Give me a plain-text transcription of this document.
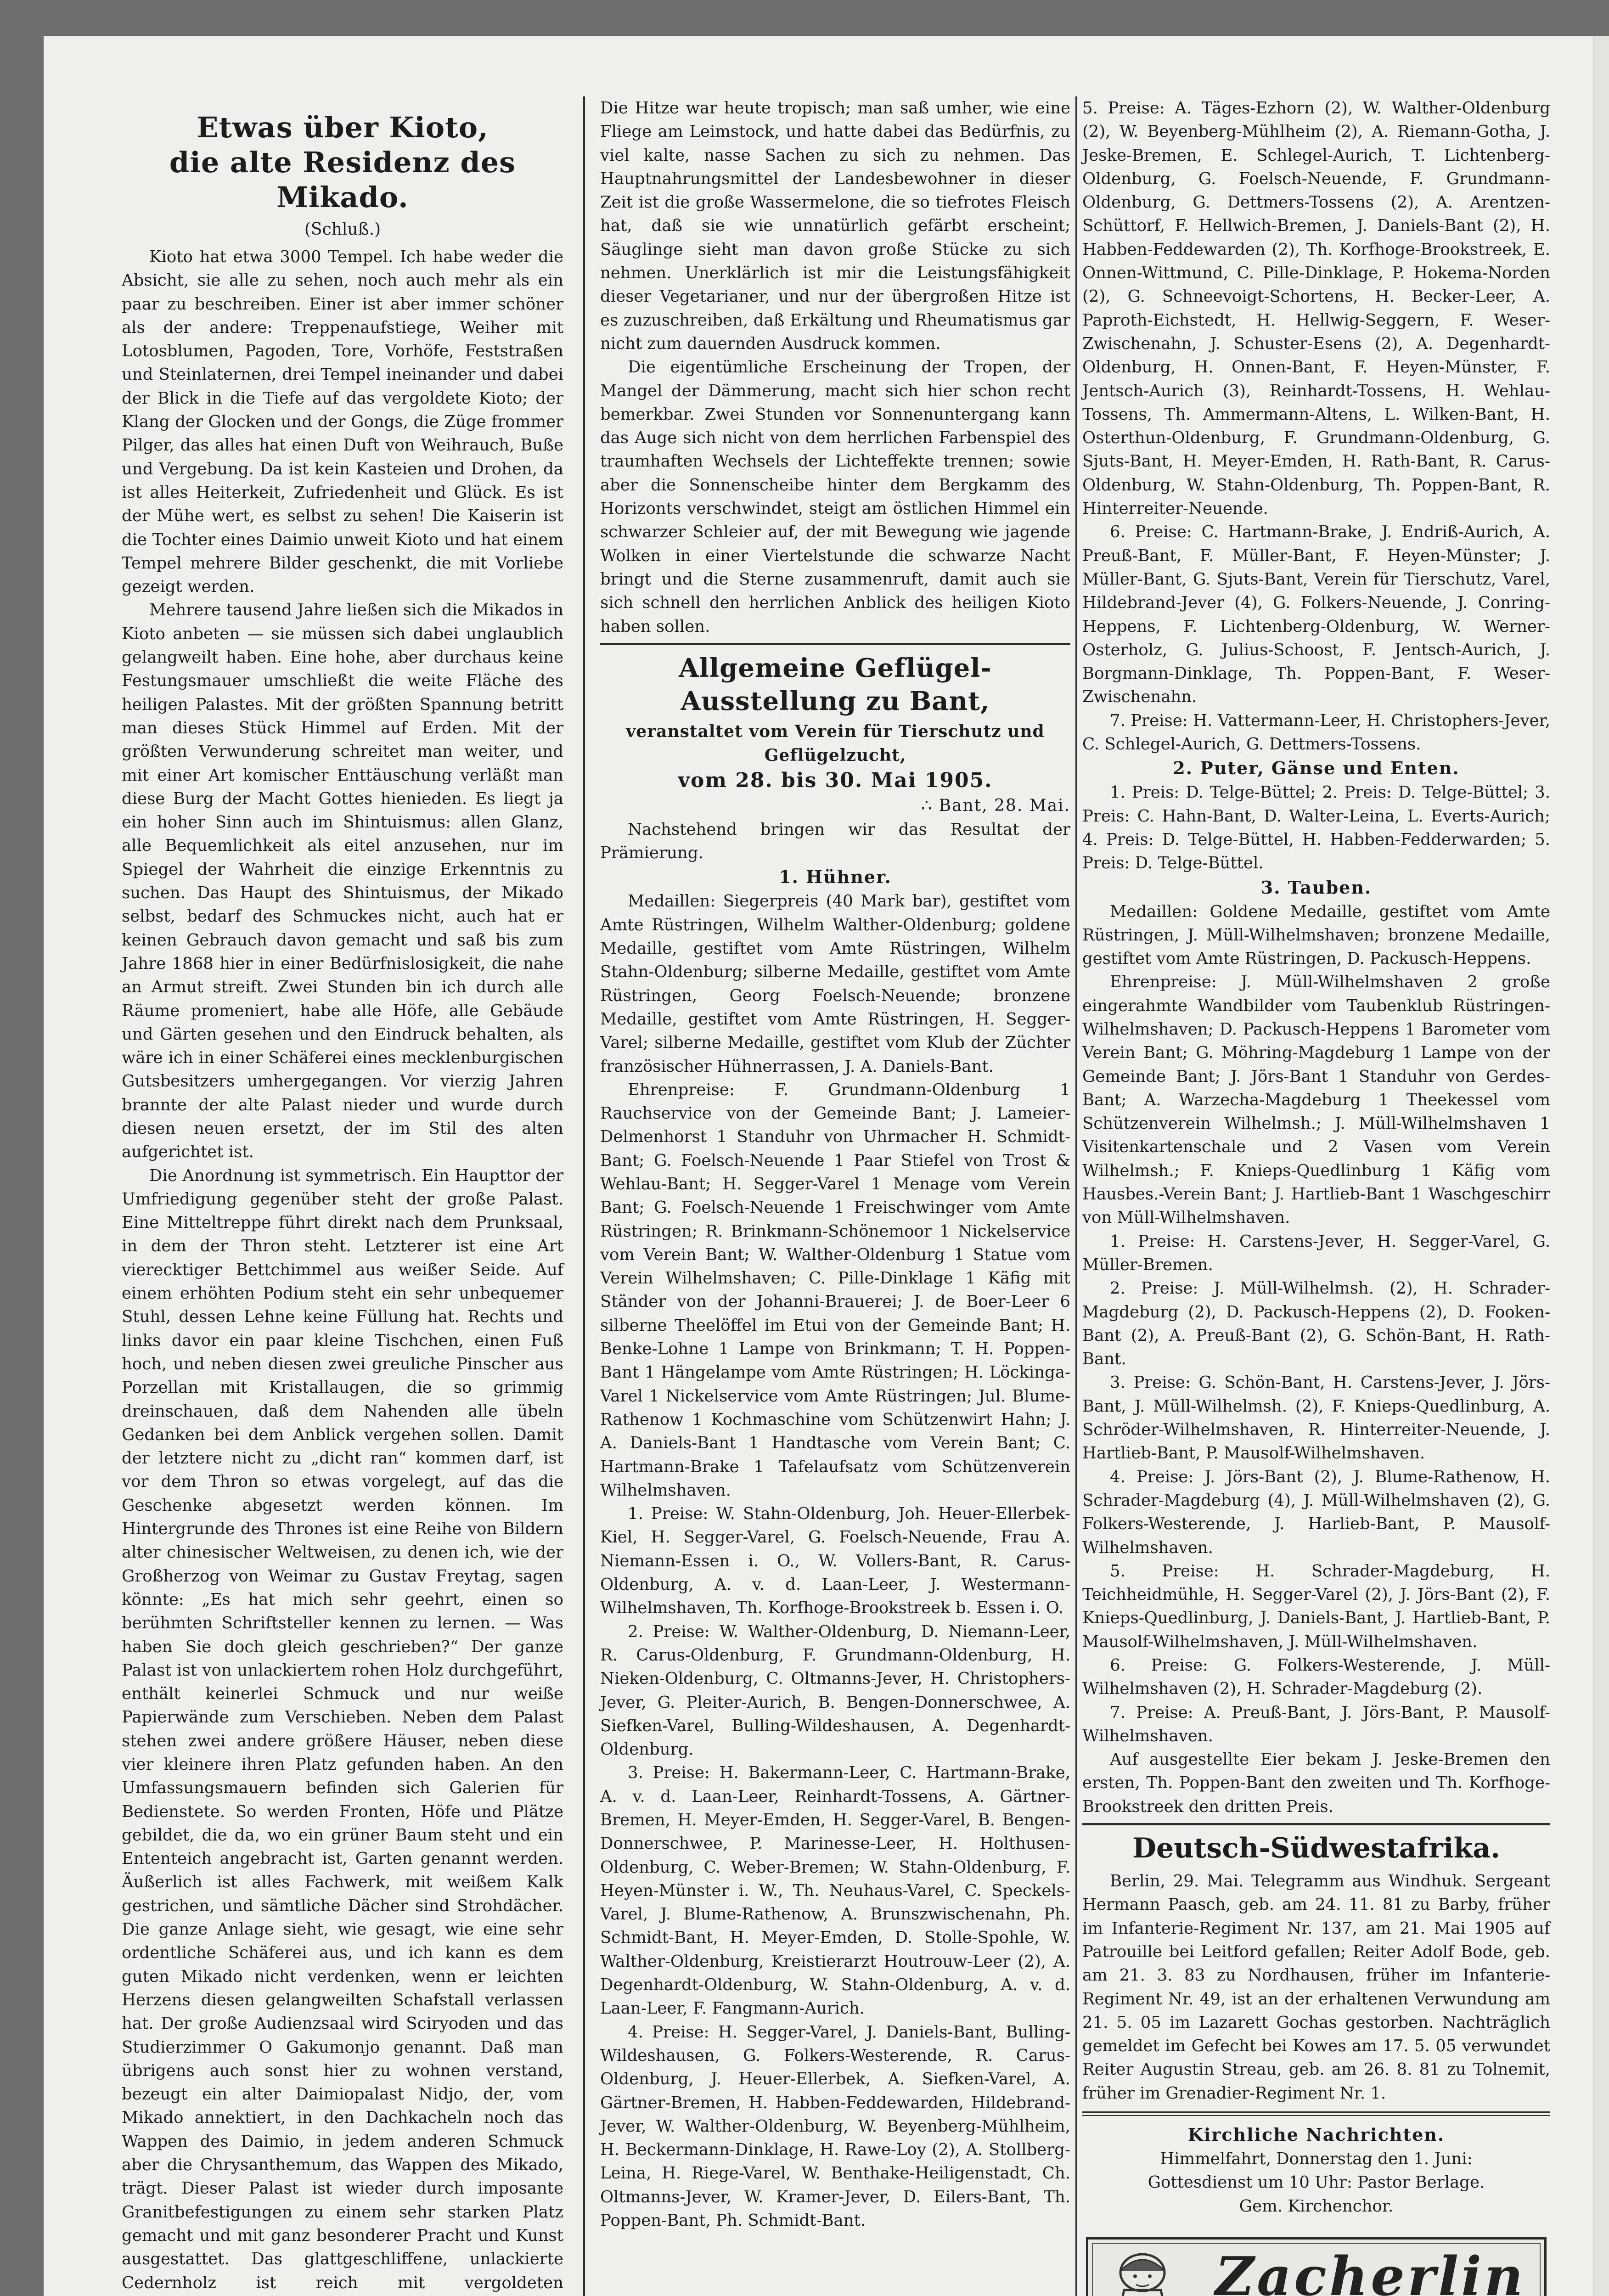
Etwas über Kioto,
die alte Residenz des Mikado.
(Schluß.)

Kioto hat etwa 3000 Tempel. Ich habe weder die Absicht, sie alle zu sehen, noch auch mehr als ein paar zu beschreiben. Einer ist aber immer schöner als der andere: Treppenaufstiege, Weiher mit Lotosblumen, Pagoden, Tore, Vorhöfe, Feststraßen und Steinlaternen, drei Tempel ineinander und dabei der Blick in die Tiefe auf das vergoldete Kioto; der Klang der Glocken und der Gongs, die Züge frommer Pilger, das alles hat einen Duft von Weihrauch, Buße und Vergebung. Da ist kein Kasteien und Drohen, da ist alles Heiterkeit, Zufriedenheit und Glück. Es ist der Mühe wert, es selbst zu sehen! Die Kaiserin ist die Tochter eines Daimio unweit Kioto und hat einem Tempel mehrere Bilder geschenkt, die mit Vorliebe gezeigt werden.

Mehrere tausend Jahre ließen sich die Mikados in Kioto anbeten — sie müssen sich dabei unglaublich gelangweilt haben. Eine hohe, aber durchaus keine Festungsmauer umschließt die weite Fläche des heiligen Palastes. Mit der größten Spannung betritt man dieses Stück Himmel auf Erden. Mit der größten Verwunderung schreitet man weiter, und mit einer Art komischer Enttäuschung verläßt man diese Burg der Macht Gottes hienieden. Es liegt ja ein hoher Sinn auch im Shintuismus: allen Glanz, alle Bequemlichkeit als eitel anzusehen, nur im Spiegel der Wahrheit die einzige Erkenntnis zu suchen. Das Haupt des Shintuismus, der Mikado selbst, bedarf des Schmuckes nicht, auch hat er keinen Gebrauch davon gemacht und saß bis zum Jahre 1868 hier in einer Bedürfnislosigkeit, die nahe an Armut streift. Zwei Stunden bin ich durch alle Räume promeniert, habe alle Höfe, alle Gebäude und Gärten gesehen und den Eindruck behalten, als wäre ich in einer Schäferei eines mecklenburgischen Gutsbesitzers umhergegangen. Vor vierzig Jahren brannte der alte Palast nieder und wurde durch diesen neuen ersetzt, der im Stil des alten aufgerichtet ist.

Die Anordnung ist symmetrisch. Ein Haupttor der Umfriedigung gegenüber steht der große Palast. Eine Mitteltreppe führt direkt nach dem Prunksaal, in dem der Thron steht. Letzterer ist eine Art vierecktiger Bettchimmel aus weißer Seide. Auf einem erhöhten Podium steht ein sehr unbequemer Stuhl, dessen Lehne keine Füllung hat. Rechts und links davor ein paar kleine Tischchen, einen Fuß hoch, und neben diesen zwei greuliche Pinscher aus Porzellan mit Kristallaugen, die so grimmig dreinschauen, daß dem Nahenden alle übeln Gedanken bei dem Anblick vergehen sollen. Damit der letztere nicht zu „dicht ran“ kommen darf, ist vor dem Thron so etwas vorgelegt, auf das die Geschenke abgesetzt werden können. Im Hintergrunde des Thrones ist eine Reihe von Bildern alter chinesischer Weltweisen, zu denen ich, wie der Großherzog von Weimar zu Gustav Freytag, sagen könnte: „Es hat mich sehr geehrt, einen so berühmten Schriftsteller kennen zu lernen. — Was haben Sie doch gleich geschrieben?“ Der ganze Palast ist von unlackiertem rohen Holz durchgeführt, enthält keinerlei Schmuck und nur weiße Papierwände zum Verschieben. Neben dem Palast stehen zwei andere größere Häuser, neben diese vier kleinere ihren Platz gefunden haben. An den Umfassungsmauern befinden sich Galerien für Bedienstete. So werden Fronten, Höfe und Plätze gebildet, die da, wo ein grüner Baum steht und ein Ententeich angebracht ist, Garten genannt werden. Äußerlich ist alles Fachwerk, mit weißem Kalk gestrichen, und sämtliche Dächer sind Strohdächer. Die ganze Anlage sieht, wie gesagt, wie eine sehr ordentliche Schäferei aus, und ich kann es dem guten Mikado nicht verdenken, wenn er leichten Herzens diesen gelangweilten Schafstall verlassen hat. Der große Audienzsaal wird Sciryoden und das Studierzimmer O Gakumonjo genannt. Daß man übrigens auch sonst hier zu wohnen verstand, bezeugt ein alter Daimiopalast Nidjo, der, vom Mikado annektiert, in den Dachkacheln noch das Wappen des Daimio, in jedem anderen Schmuck aber die Chrysanthemum, das Wappen des Mikado, trägt. Dieser Palast ist wieder durch imposante Granitbefestigungen zu einem sehr starken Platz gemacht und mit ganz besonderer Pracht und Kunst ausgestattet. Das glattgeschliffene, unlackierte Cedernholz ist reich mit vergoldeten

Die Hitze war heute tropisch; man saß umher, wie eine Fliege am Leimstock, und hatte dabei das Bedürfnis, zu viel kalte, nasse Sachen zu sich zu nehmen. Das Hauptnahrungsmittel der Landesbewohner in dieser Zeit ist die große Wassermelone, die so tiefrotes Fleisch hat, daß sie wie unnatürlich gefärbt erscheint; Säuglinge sieht man davon große Stücke zu sich nehmen. Unerklärlich ist mir die Leistungsfähigkeit dieser Vegetarianer, und nur der übergroßen Hitze ist es zuzuschreiben, daß Erkältung und Rheumatismus gar nicht zum dauernden Ausdruck kommen.

Die eigentümliche Erscheinung der Tropen, der Mangel der Dämmerung, macht sich hier schon recht bemerkbar. Zwei Stunden vor Sonnenuntergang kann das Auge sich nicht von dem herrlichen Farbenspiel des traumhaften Wechsels der Lichteffekte trennen; sowie aber die Sonnenscheibe hinter dem Bergkamm des Horizonts verschwindet, steigt am östlichen Himmel ein schwarzer Schleier auf, der mit Bewegung wie jagende Wolken in einer Viertelstunde die schwarze Nacht bringt und die Sterne zusammenruft, damit auch sie sich schnell den herrlichen Anblick des heiligen Kioto haben sollen.

Allgemeine Geflügel-Ausstellung zu Bant,
veranstaltet vom Verein für Tierschutz und Geflügelzucht,
vom 28. bis 30. Mai 1905.
∴ Bant, 28. Mai.

Nachstehend bringen wir das Resultat der Prämierung.

1. Hühner.

Medaillen: Siegerpreis (40 Mark bar), gestiftet vom Amte Rüstringen, Wilhelm Walther-Oldenburg; goldene Medaille, gestiftet vom Amte Rüstringen, Wilhelm Stahn-Oldenburg; silberne Medaille, gestiftet vom Amte Rüstringen, Georg Foelsch-Neuende; bronzene Medaille, gestiftet vom Amte Rüstringen, H. Segger-Varel; silberne Medaille, gestiftet vom Klub der Züchter französischer Hühnerrassen, J. A. Daniels-Bant.

Ehrenpreise: F. Grundmann-Oldenburg 1 Rauchservice von der Gemeinde Bant; J. Lameier-Delmenhorst 1 Standuhr von Uhrmacher H. Schmidt-Bant; G. Foelsch-Neuende 1 Paar Stiefel von Trost & Wehlau-Bant; H. Segger-Varel 1 Menage vom Verein Bant; G. Foelsch-Neuende 1 Freischwinger vom Amte Rüstringen; R. Brinkmann-Schönemoor 1 Nickelservice vom Verein Bant; W. Walther-Oldenburg 1 Statue vom Verein Wilhelmshaven; C. Pille-Dinklage 1 Käfig mit Ständer von der Johanni-Brauerei; J. de Boer-Leer 6 silberne Theelöffel im Etui von der Gemeinde Bant; H. Benke-Lohne 1 Lampe von Brinkmann; T. H. Poppen-Bant 1 Hängelampe vom Amte Rüstringen; H. Löckinga-Varel 1 Nickelservice vom Amte Rüstringen; Jul. Blume-Rathenow 1 Kochmaschine vom Schützenwirt Hahn; J. A. Daniels-Bant 1 Handtasche vom Verein Bant; C. Hartmann-Brake 1 Tafelaufsatz vom Schützenverein Wilhelmshaven.

1. Preise: W. Stahn-Oldenburg, Joh. Heuer-Ellerbek-Kiel, H. Segger-Varel, G. Foelsch-Neuende, Frau A. Niemann-Essen i. O., W. Vollers-Bant, R. Carus-Oldenburg, A. v. d. Laan-Leer, J. Westermann-Wilhelmshaven, Th. Korfhoge-Brookstreek b. Essen i. O.

2. Preise: W. Walther-Oldenburg, D. Niemann-Leer, R. Carus-Oldenburg, F. Grundmann-Oldenburg, H. Nieken-Oldenburg, C. Oltmanns-Jever, H. Christophers-Jever, G. Pleiter-Aurich, B. Bengen-Donnerschwee, A. Siefken-Varel, Bulling-Wildeshausen, A. Degenhardt-Oldenburg.

3. Preise: H. Bakermann-Leer, C. Hartmann-Brake, A. v. d. Laan-Leer, Reinhardt-Tossens, A. Gärtner-Bremen, H. Meyer-Emden, H. Segger-Varel, B. Bengen-Donnerschwee, P. Marinesse-Leer, H. Holthusen-Oldenburg, C. Weber-Bremen; W. Stahn-Oldenburg, F. Heyen-Münster i. W., Th. Neuhaus-Varel, C. Speckels-Varel, J. Blume-Rathenow, A. Brunszwischenahn, Ph. Schmidt-Bant, H. Meyer-Emden, D. Stolle-Spohle, W. Walther-Oldenburg, Kreistierarzt Houtrouw-Leer (2), A. Degenhardt-Oldenburg, W. Stahn-Oldenburg, A. v. d. Laan-Leer, F. Fangmann-Aurich.

4. Preise: H. Segger-Varel, J. Daniels-Bant, Bulling-Wildeshausen, G. Folkers-Westerende, R. Carus-Oldenburg, J. Heuer-Ellerbek, A. Siefken-Varel, A. Gärtner-Bremen, H. Habben-Feddewarden, Hildebrand-Jever, W. Walther-Oldenburg, W. Beyenberg-Mühlheim, H. Beckermann-Dinklage, H. Rawe-Loy (2), A. Stollberg-Leina, H. Riege-Varel, W. Benthake-Heiligenstadt, Ch. Oltmanns-Jever, W. Kramer-Jever, D. Eilers-Bant, Th. Poppen-Bant, Ph. Schmidt-Bant.

5. Preise: A. Täges-Ezhorn (2), W. Walther-Oldenburg (2), W. Beyenberg-Mühlheim (2), A. Riemann-Gotha, J. Jeske-Bremen, E. Schlegel-Aurich, T. Lichtenberg-Oldenburg, G. Foelsch-Neuende, F. Grundmann-Oldenburg, G. Dettmers-Tossens (2), A. Arentzen-Schüttorf, F. Hellwich-Bremen, J. Daniels-Bant (2), H. Habben-Feddewarden (2), Th. Korfhoge-Brookstreek, E. Onnen-Wittmund, C. Pille-Dinklage, P. Hokema-Norden (2), G. Schneevoigt-Schortens, H. Becker-Leer, A. Paproth-Eichstedt, H. Hellwig-Seggern, F. Weser-Zwischenahn, J. Schuster-Esens (2), A. Degenhardt-Oldenburg, H. Onnen-Bant, F. Heyen-Münster, F. Jentsch-Aurich (3), Reinhardt-Tossens, H. Wehlau-Tossens, Th. Ammermann-Altens, L. Wilken-Bant, H. Osterthun-Oldenburg, F. Grundmann-Oldenburg, G. Sjuts-Bant, H. Meyer-Emden, H. Rath-Bant, R. Carus-Oldenburg, W. Stahn-Oldenburg, Th. Poppen-Bant, R. Hinterreiter-Neuende.

6. Preise: C. Hartmann-Brake, J. Endriß-Aurich, A. Preuß-Bant, F. Müller-Bant, F. Heyen-Münster; J. Müller-Bant, G. Sjuts-Bant, Verein für Tierschutz, Varel, Hildebrand-Jever (4), G. Folkers-Neuende, J. Conring-Heppens, F. Lichtenberg-Oldenburg, W. Werner-Osterholz, G. Julius-Schoost, F. Jentsch-Aurich, J. Borgmann-Dinklage, Th. Poppen-Bant, F. Weser-Zwischenahn.

7. Preise: H. Vattermann-Leer, H. Christophers-Jever, C. Schlegel-Aurich, G. Dettmers-Tossens.

2. Puter, Gänse und Enten.

1. Preis: D. Telge-Büttel; 2. Preis: D. Telge-Büttel; 3. Preis: C. Hahn-Bant, D. Walter-Leina, L. Everts-Aurich; 4. Preis: D. Telge-Büttel, H. Habben-Fedderwarden; 5. Preis: D. Telge-Büttel.

3. Tauben.

Medaillen: Goldene Medaille, gestiftet vom Amte Rüstringen, J. Müll-Wilhelmshaven; bronzene Medaille, gestiftet vom Amte Rüstringen, D. Packusch-Heppens.

Ehrenpreise: J. Müll-Wilhelmshaven 2 große eingerahmte Wandbilder vom Taubenklub Rüstringen-Wilhelmshaven; D. Packusch-Heppens 1 Barometer vom Verein Bant; G. Möhring-Magdeburg 1 Lampe von der Gemeinde Bant; J. Jörs-Bant 1 Standuhr von Gerdes-Bant; A. Warzecha-Magdeburg 1 Theekessel vom Schützenverein Wilhelmsh.; J. Müll-Wilhelmshaven 1 Visitenkartenschale und 2 Vasen vom Verein Wilhelmsh.; F. Knieps-Quedlinburg 1 Käfig vom Hausbes.-Verein Bant; J. Hartlieb-Bant 1 Waschgeschirr von Müll-Wilhelmshaven.

1. Preise: H. Carstens-Jever, H. Segger-Varel, G. Müller-Bremen.

2. Preise: J. Müll-Wilhelmsh. (2), H. Schrader-Magdeburg (2), D. Packusch-Heppens (2), D. Fooken-Bant (2), A. Preuß-Bant (2), G. Schön-Bant, H. Rath-Bant.

3. Preise: G. Schön-Bant, H. Carstens-Jever, J. Jörs-Bant, J. Müll-Wilhelmsh. (2), F. Knieps-Quedlinburg, A. Schröder-Wilhelmshaven, R. Hinterreiter-Neuende, J. Hartlieb-Bant, P. Mausolf-Wilhelmshaven.

4. Preise: J. Jörs-Bant (2), J. Blume-Rathenow, H. Schrader-Magdeburg (4), J. Müll-Wilhelmshaven (2), G. Folkers-Westerende, J. Harlieb-Bant, P. Mausolf-Wilhelmshaven.

5. Preise: H. Schrader-Magdeburg, H. Teichheidmühle, H. Segger-Varel (2), J. Jörs-Bant (2), F. Knieps-Quedlinburg, J. Daniels-Bant, J. Hartlieb-Bant, P. Mausolf-Wilhelmshaven, J. Müll-Wilhelmshaven.

6. Preise: G. Folkers-Westerende, J. Müll-Wilhelmshaven (2), H. Schrader-Magdeburg (2).

7. Preise: A. Preuß-Bant, J. Jörs-Bant, P. Mausolf-Wilhelmshaven.

Auf ausgestellte Eier bekam J. Jeske-Bremen den ersten, Th. Poppen-Bant den zweiten und Th. Korfhoge-Brookstreek den dritten Preis.

Deutsch-Südwestafrika.

Berlin, 29. Mai. Telegramm aus Windhuk. Sergeant Hermann Paasch, geb. am 24. 11. 81 zu Barby, früher im Infanterie-Regiment Nr. 137, am 21. Mai 1905 auf Patrouille bei Leitford gefallen; Reiter Adolf Bode, geb. am 21. 3. 83 zu Nordhausen, früher im Infanterie-Regiment Nr. 49, ist an der erhaltenen Verwundung am 21. 5. 05 im Lazarett Gochas gestorben. Nachträglich gemeldet im Gefecht bei Kowes am 17. 5. 05 verwundet Reiter Augustin Streau, geb. am 26. 8. 81 zu Tolnemit, früher im Grenadier-Regiment Nr. 1.

Kirchliche Nachrichten.
Himmelfahrt, Donnerstag den 1. Juni:
Gottesdienst um 10 Uhr: Pastor Berlage.
Gem. Kirchenchor.
Zacherlin
